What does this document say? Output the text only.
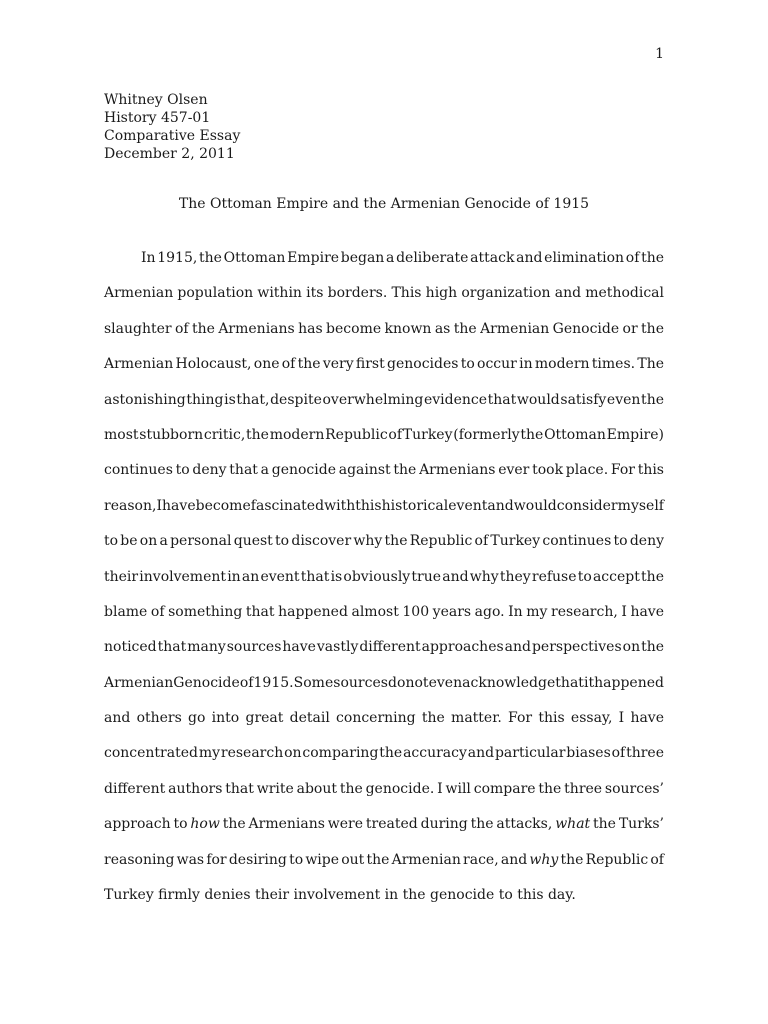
1
Whitney Olsen
History 457-01
Comparative Essay
December 2, 2011
The Ottoman Empire and the Armenian Genocide of 1915
In 1915, the Ottoman Empire began a deliberate attack and elimination of the
Armenian population within its borders. This high organization and methodical
slaughter of the Armenians has become known as the Armenian Genocide or the
Armenian Holocaust, one of the very first genocides to occur in modern times. The
astonishing thing is that, despite overwhelming evidence that would satisfy even the
most stubborn critic, the modern Republic of Turkey (formerly the Ottoman Empire)
continues to deny that a genocide against the Armenians ever took place. For this
reason, I have become fascinated with this historical event and would consider myself
to be on a personal quest to discover why the Republic of Turkey continues to deny
their involvement in an event that is obviously true and why they refuse to accept the
blame of something that happened almost 100 years ago. In my research, I have
noticed that many sources have vastly different approaches and perspectives on the
Armenian Genocide of 1915. Some sources do not even acknowledge that it happened
and others go into great detail concerning the matter. For this essay, I have
concentrated my research on comparing the accuracy and particular biases of three
different authors that write about the genocide. I will compare the three sources’
approach to how the Armenians were treated during the attacks, what the Turks’
reasoning was for desiring to wipe out the Armenian race, and why the Republic of
Turkey firmly denies their involvement in the genocide to this day.
